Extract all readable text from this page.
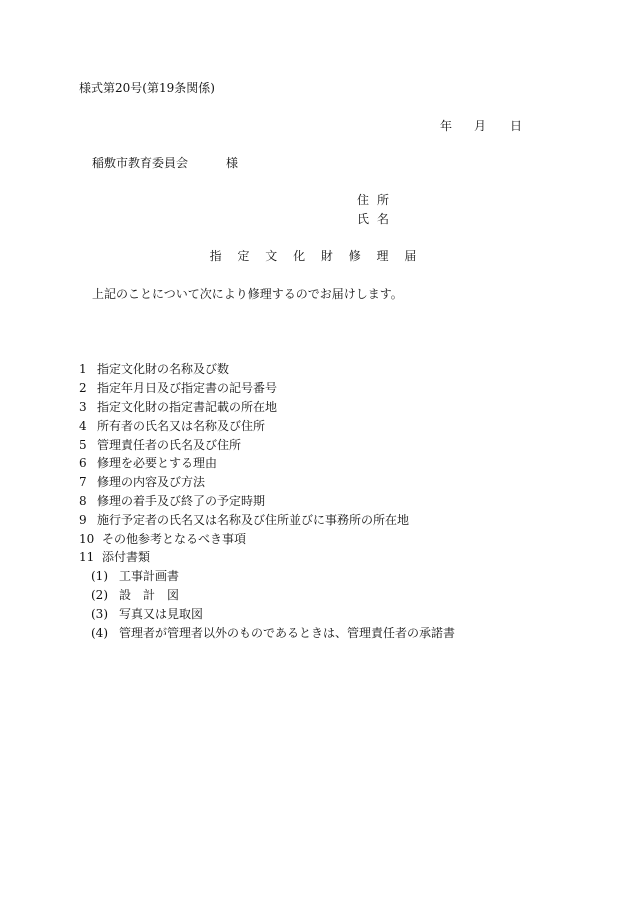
様式第20号(第19条関係)
年 月 日
稲敷市教育委員会	様
住所
氏名
指 定 文 化 財 修 理 届
上記のことについて次により修理するのでお届けします。
1 指定文化財の名称及び数
2 指定年月日及び指定書の記号番号
3 指定文化財の指定書記載の所在地
4 所有者の氏名又は名称及び住所
5 管理責任者の氏名及び住所
6 修理を必要とする理由
7 修理の内容及び方法
8 修理の着手及び終了の予定時期
9 施行予定者の氏名又は名称及び住所並びに事務所の所在地
10 その他参考となるべき事項
11 添付書類
(1) 工事計画書
(2) 設　計　図
(3) 写真又は見取図
(4) 管理者が管理者以外のものであるときは、管理責任者の承諾書
